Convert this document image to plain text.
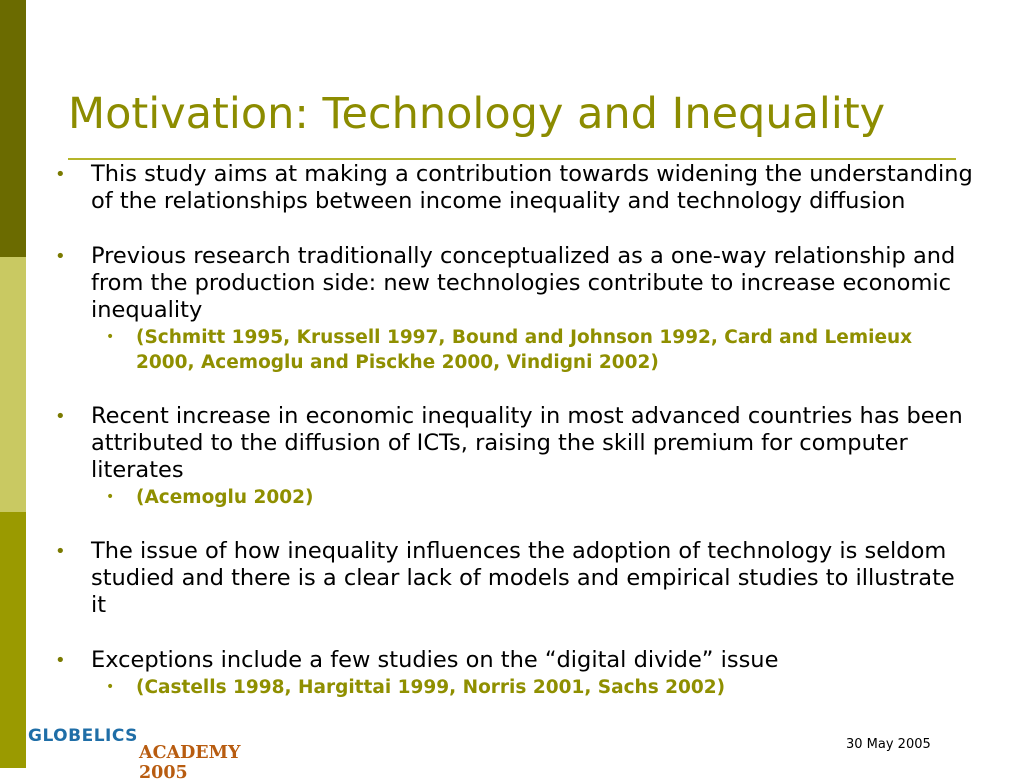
Motivation: Technology and Inequality
•	This study aims at making a contribution towards widening the understanding of the relationships between income inequality and technology diffusion
•	Previous research traditionally conceptualized as a one-way relationship and from the production side: new technologies contribute to increase economic inequality
•	(Schmitt 1995, Krussell 1997, Bound and Johnson 1992, Card and Lemieux 2000, Acemoglu and Pisckhe 2000, Vindigni 2002)
•	Recent increase in economic inequality in most advanced countries has been attributed to the diffusion of ICTs, raising the skill premium for computer literates
•	(Acemoglu 2002)
•	The issue of how inequality influences the adoption of technology is seldom studied and there is a clear lack of models and empirical studies to illustrate it
•	Exceptions include a few studies on the “digital divide” issue
•	(Castells 1998, Hargittai 1999, Norris 2001, Sachs 2002)
GLOBELICS
ACADEMY 2005
30 May 2005
